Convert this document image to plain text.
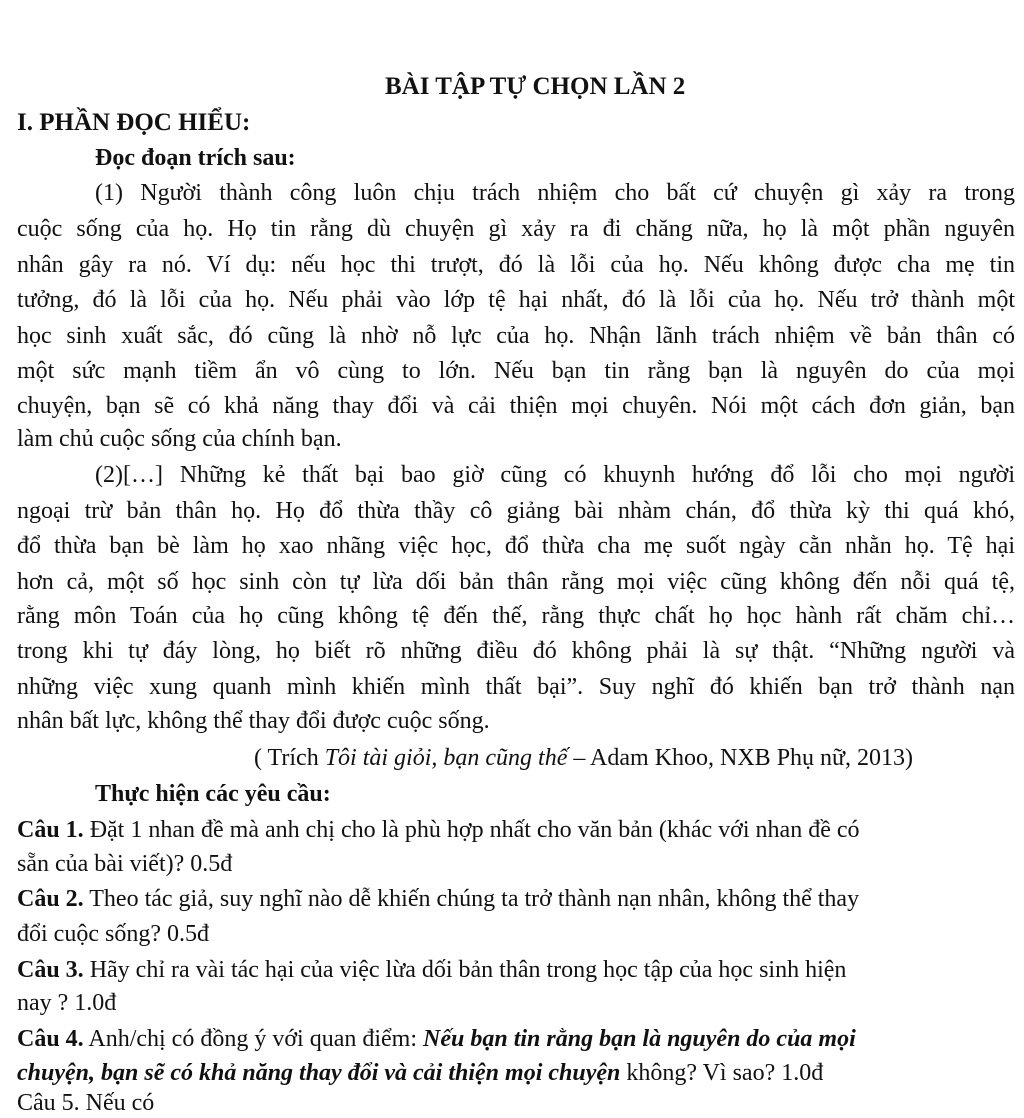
BÀI TẬP TỰ CHỌN LẦN 2
I. PHẦN ĐỌC HIỂU:
Đọc đoạn trích sau:
(1) Người thành công luôn chịu trách nhiệm cho bất cứ chuyện gì xảy ra trong
cuộc sống của họ. Họ tin rằng dù chuyện gì xảy ra đi chăng nữa, họ là một phần nguyên
nhân gây ra nó. Ví dụ: nếu học thi trượt, đó là lỗi của họ. Nếu không được cha mẹ tin
tưởng, đó là lỗi của họ. Nếu phải vào lớp tệ hại nhất, đó là lỗi của họ. Nếu trở thành một
học sinh xuất sắc, đó cũng là nhờ nỗ lực của họ. Nhận lãnh trách nhiệm về bản thân có
một sức mạnh tiềm ẩn vô cùng to lớn. Nếu bạn tin rằng bạn là nguyên do của mọi
chuyện, bạn sẽ có khả năng thay đổi và cải thiện mọi chuyên. Nói một cách đơn giản, bạn
làm chủ cuộc sống của chính bạn.
(2)[…] Những kẻ thất bại bao giờ cũng có khuynh hướng đổ lỗi cho mọi người
ngoại trừ bản thân họ. Họ đổ thừa thầy cô giảng bài nhàm chán, đổ thừa kỳ thi quá khó,
đổ thừa bạn bè làm họ xao nhãng việc học, đổ thừa cha mẹ suốt ngày cằn nhằn họ. Tệ hại
hơn cả, một số học sinh còn tự lừa dối bản thân rằng mọi việc cũng không đến nỗi quá tệ,
rằng môn Toán của họ cũng không tệ đến thế, rằng thực chất họ học hành rất chăm chỉ…
trong khi tự đáy lòng, họ biết rõ những điều đó không phải là sự thật. “Những người và
những việc xung quanh mình khiến mình thất bại”. Suy nghĩ đó khiến bạn trở thành nạn
nhân bất lực, không thể thay đổi được cuộc sống.
( Trích Tôi tài giỏi, bạn cũng thế – Adam Khoo, NXB Phụ nữ, 2013)
Thực hiện các yêu cầu:
Câu 1. Đặt 1 nhan đề mà anh chị cho là phù hợp nhất cho văn bản (khác với nhan đề có
sẵn của bài viết)? 0.5đ
Câu 2. Theo tác giả, suy nghĩ nào dễ khiến chúng ta trở thành nạn nhân, không thể thay
đổi cuộc sống? 0.5đ
Câu 3. Hãy chỉ ra vài tác hại của việc lừa dối bản thân trong học tập của học sinh hiện
nay ? 1.0đ
Câu 4. Anh/chị có đồng ý với quan điểm: Nếu bạn tin rằng bạn là nguyên do của mọi
chuyện, bạn sẽ có khả năng thay đổi và cải thiện mọi chuyện không? Vì sao? 1.0đ
Câu 5. Nếu có
